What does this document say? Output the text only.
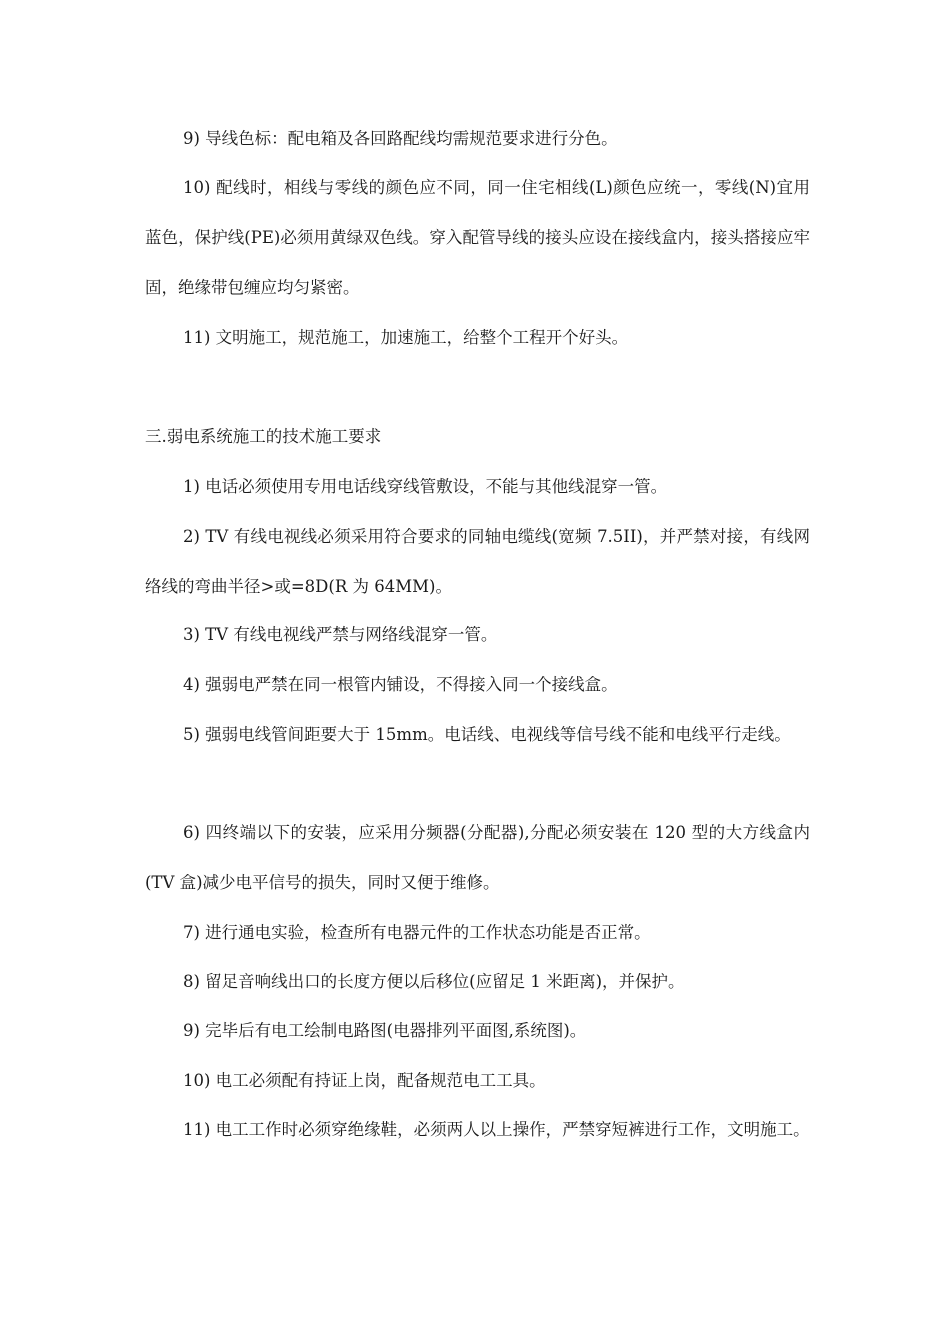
9) 导线色标：配电箱及各回路配线均需规范要求进行分色。

10) 配线时，相线与零线的颜色应不同，同一住宅相线(L)颜色应统一，零线(N)宜用蓝色，保护线(PE)必须用黄绿双色线。穿入配管导线的接头应设在接线盒内，接头搭接应牢固，绝缘带包缠应均匀紧密。

11) 文明施工，规范施工，加速施工，给整个工程开个好头。

三.弱电系统施工的技术施工要求

1) 电话必须使用专用电话线穿线管敷设，不能与其他线混穿一管。

2) TV 有线电视线必须采用符合要求的同轴电缆线(宽频 7.5II)，并严禁对接，有线网络线的弯曲半径>或=8D(R 为 64MM)。

3) TV 有线电视线严禁与网络线混穿一管。

4) 强弱电严禁在同一根管内铺设，不得接入同一个接线盒。

5) 强弱电线管间距要大于 15mm。电话线、电视线等信号线不能和电线平行走线。

6) 四终端以下的安装，应采用分频器(分配器),分配必须安装在 120 型的大方线盒内(TV 盒)减少电平信号的损失，同时又便于维修。

7) 进行通电实验，检查所有电器元件的工作状态功能是否正常。

8) 留足音响线出口的长度方便以后移位(应留足 1 米距离)，并保护。

9) 完毕后有电工绘制电路图(电器排列平面图,系统图)。

10) 电工必须配有持证上岗，配备规范电工工具。

11) 电工工作时必须穿绝缘鞋，必须两人以上操作，严禁穿短裤进行工作，文明施工。
